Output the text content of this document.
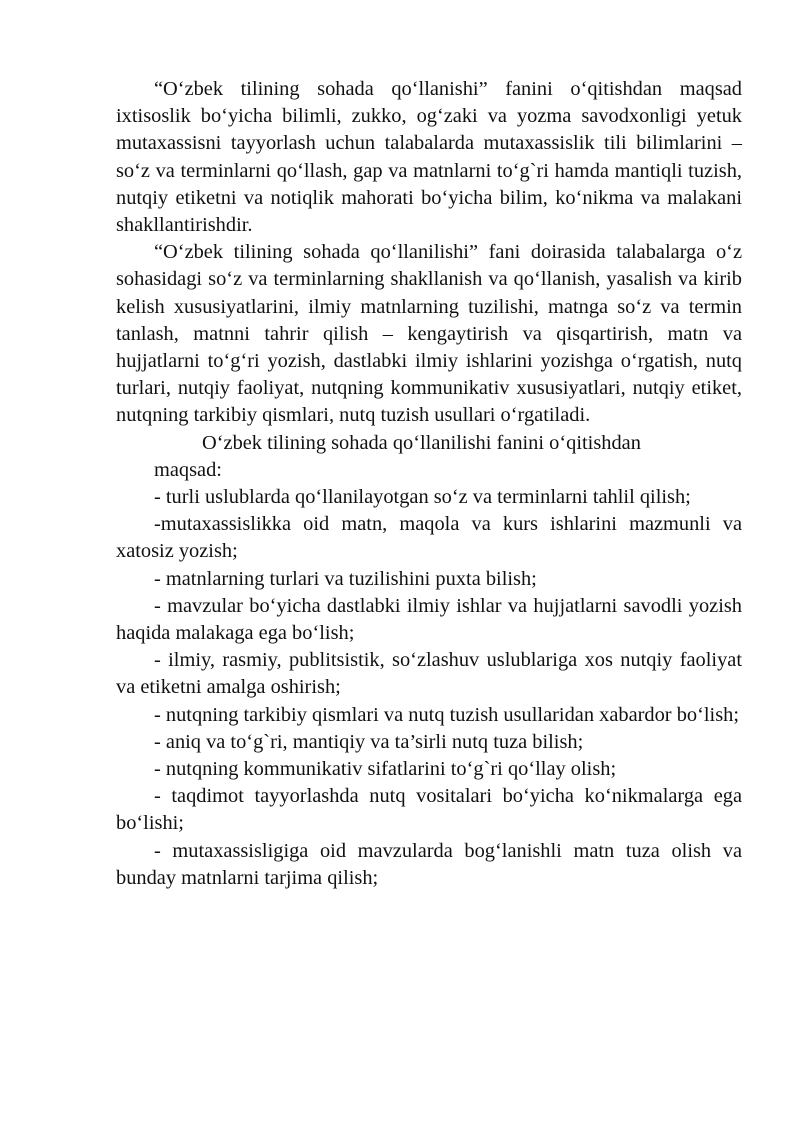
“O‘zbek tilining sohada qo‘llanishi” fanini o‘qitishdan maqsad ixtisoslik bo‘yicha bilimli, zukko, og‘zaki va yozma savodxonligi yetuk mutaxassisni tayyorlash uchun talabalarda mutaxassislik tili bilimlarini – so‘z va terminlarni qo‘llash, gap va matnlarni to‘g`ri hamda mantiqli tuzish, nutqiy etiketni va notiqlik mahorati bo‘yicha bilim, ko‘nikma va malakani shakllantirishdir.

“O‘zbek tilining sohada qo‘llanilishi” fani doirasida talabalarga o‘z sohasidagi so‘z va terminlarning shakllanish va qo‘llanish, yasalish va kirib kelish xususiyatlarini, ilmiy matnlarning tuzilishi, matnga so‘z va termin tanlash, matnni tahrir qilish – kengaytirish va qisqartirish, matn va hujjatlarni to‘g‘ri yozish, dastlabki ilmiy ishlarini yozishga o‘rgatish, nutq turlari, nutqiy faoliyat, nutqning kommunikativ xususiyatlari, nutqiy etiket, nutqning tarkibiy qismlari, nutq tuzish usullari o‘rgatiladi.

O‘zbek tilining sohada qo‘llanilishi fanini o‘qitishdan

maqsad:

- turli uslublarda qo‘llanilayotgan so‘z va terminlarni tahlil qilish;

-mutaxassislikka oid matn, maqola va kurs ishlarini mazmunli va xatosiz yozish;

- matnlarning turlari va tuzilishini puxta bilish;

- mavzular bo‘yicha dastlabki ilmiy ishlar va hujjatlarni savodli yozish haqida malakaga ega bo‘lish;

- ilmiy, rasmiy, publitsistik, so‘zlashuv uslublariga xos nutqiy faoliyat va etiketni amalga oshirish;

- nutqning tarkibiy qismlari va nutq tuzish usullaridan xabardor bo‘lish;

- aniq va to‘g`ri, mantiqiy va ta’sirli nutq tuza bilish;

- nutqning kommunikativ sifatlarini to‘g`ri qo‘llay olish;

- taqdimot tayyorlashda nutq vositalari bo‘yicha ko‘nikmalarga ega bo‘lishi;

- mutaxassisligiga oid mavzularda bog‘lanishli matn tuza olish va bunday matnlarni tarjima qilish;
